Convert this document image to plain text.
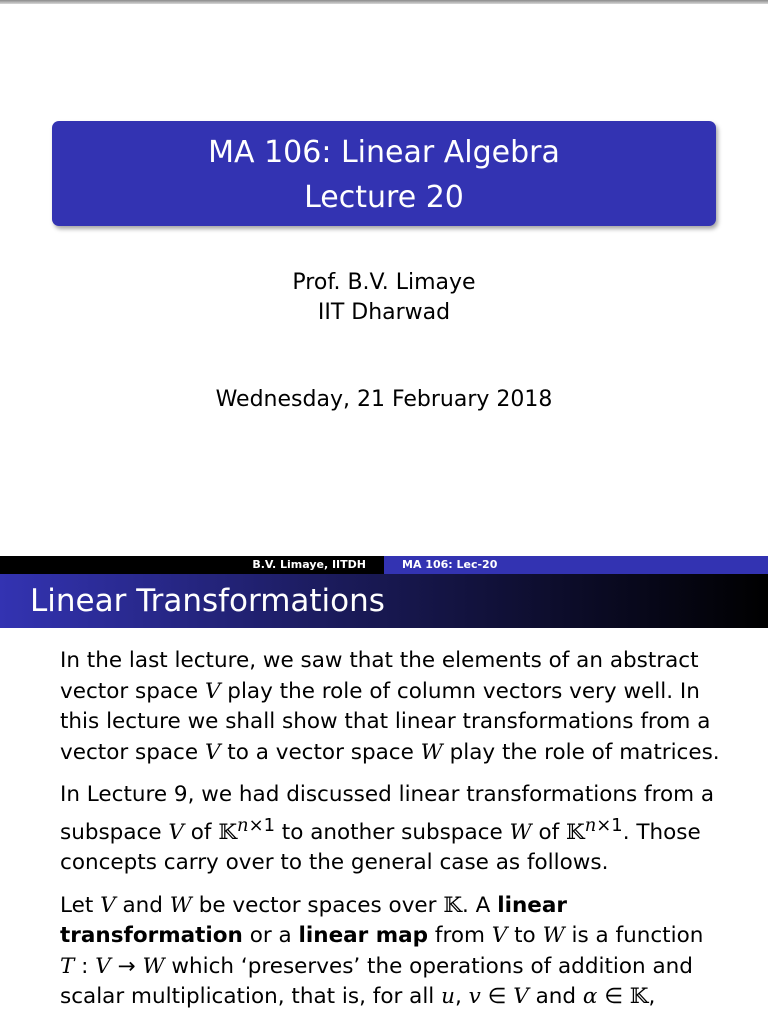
MA 106: Linear Algebra
Lecture 20
Prof. B.V. Limaye
IIT Dharwad
Wednesday, 21 February 2018
B.V. Limaye, IITDH	MA 106: Lec-20
Linear Transformations

In the last lecture, we saw that the elements of an abstract vector space V play the role of column vectors very well. In this lecture we shall show that linear transformations from a vector space V to a vector space W play the role of matrices.

In Lecture 9, we had discussed linear transformations from a subspace V of 𝕂$^{n\times 1}$ to another subspace W of 𝕂$^{n\times 1}$. Those concepts carry over to the general case as follows.

Let V and W be vector spaces over 𝕂. A linear transformation or a linear map from V to W is a function T : V → W which ‘preserves’ the operations of addition and scalar multiplication, that is, for all u, v ∈ V and α ∈ 𝕂,
